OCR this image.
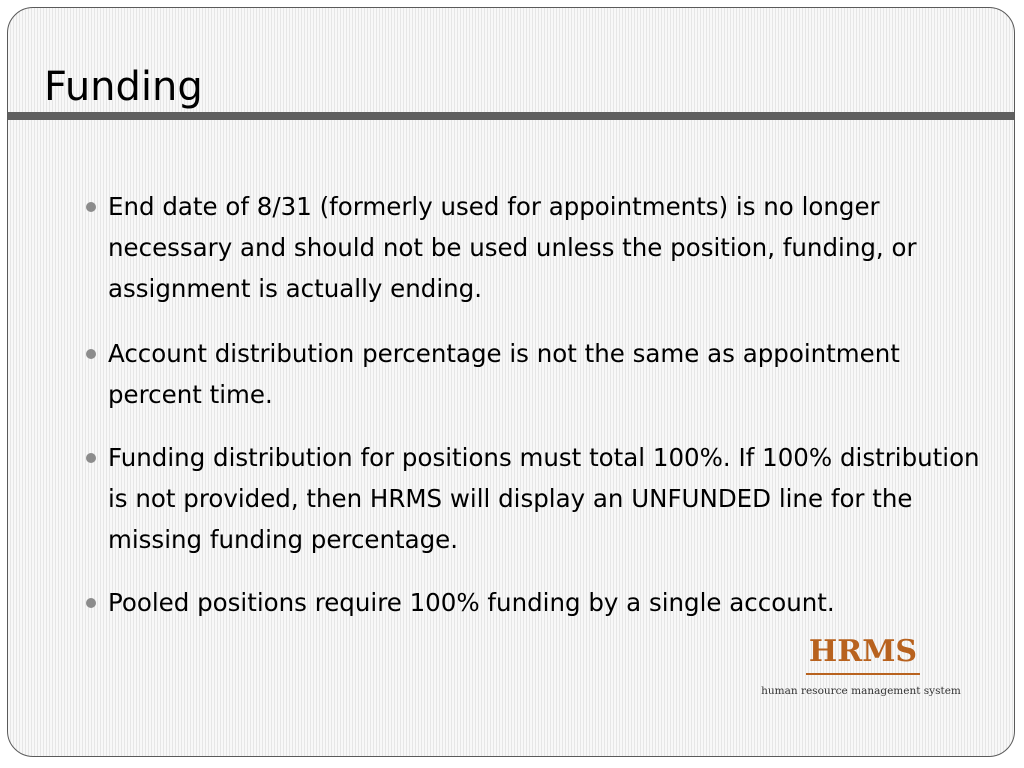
Funding
End date of 8/31 (formerly used for appointments) is no longer necessary and should not be used unless the position, funding, or assignment is actually ending.
Account distribution percentage is not the same as appointment percent time.
Funding distribution for positions must total 100%. If 100% distribution is not provided, then HRMS will display an UNFUNDED line for the missing funding percentage.
Pooled positions require 100% funding by a single account.
HRMS
human resource management system
